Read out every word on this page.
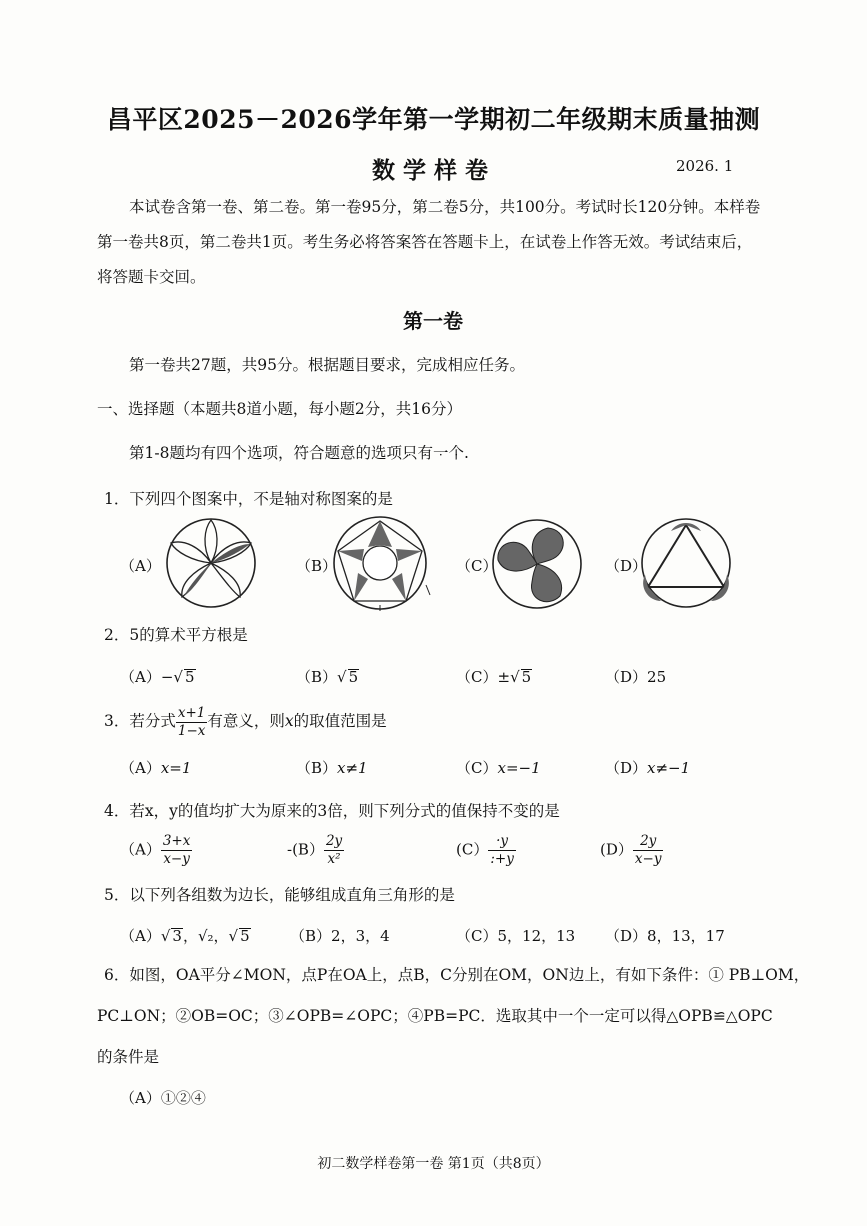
昌平区2025－2026学年第一学期初二年级期末质量抽测
数学样卷	2026. 1
本试卷含第一卷、第二卷。第一卷95分，第二卷5分，共100分。考试时长120分钟。本样卷
第一卷共8页，第二卷共1页。考生务必将答案答在答题卡上，在试卷上作答无效。考试结束后，
将答题卡交回。
第一卷
第一卷共27题，共95分。根据题目要求，完成相应任务。
一、选择题（本题共8道小题，每小题2分，共16分）
第1-8题均有四个选项，符合题意的选项只 ·有 ·一 ·个 ·.
1．下列四个图案中，不是轴对称图案的是
（A）	（B）	（C）	（D）
2．5的算术平方根是
（A）−√ 5	（B）√ 5	（C）±√ 5	（D）25
3．若分式 $\frac{x+1}{1-x}$ 有意义，则x的取值范围是
（A）x=1	（B）x≠1	（C）x=−1	（D）x≠−1
4．若x，y的值均扩大为原来的3倍，则下列分式的值保持不变的是
$(A) \frac{3+x}{x-y}$	$-(B) \frac{2y}{\text{x²}}$	$(C) \frac{\cdot y}{:+y}$	$(D) \frac{2y}{x-y}$
5．以下列各组数为边长，能够组成直角三角形的是
（A）√ 3，√₂，√ 5	（B）2，3，4	（C）5，12，13 （D）8，13，17
6．如图，OA平分∠MON，点P在OA上，点B，C分别在OM，ON边上，有如下条件：① PB⊥OM，
PC⊥ON；②OB=OC；③∠OPB=∠OPC；④PB=PC．选取其中一个一定可以得△OPB≌△OPC
的条件是
（A）①②④
初二数学样卷第一卷 第1页（共8页）
